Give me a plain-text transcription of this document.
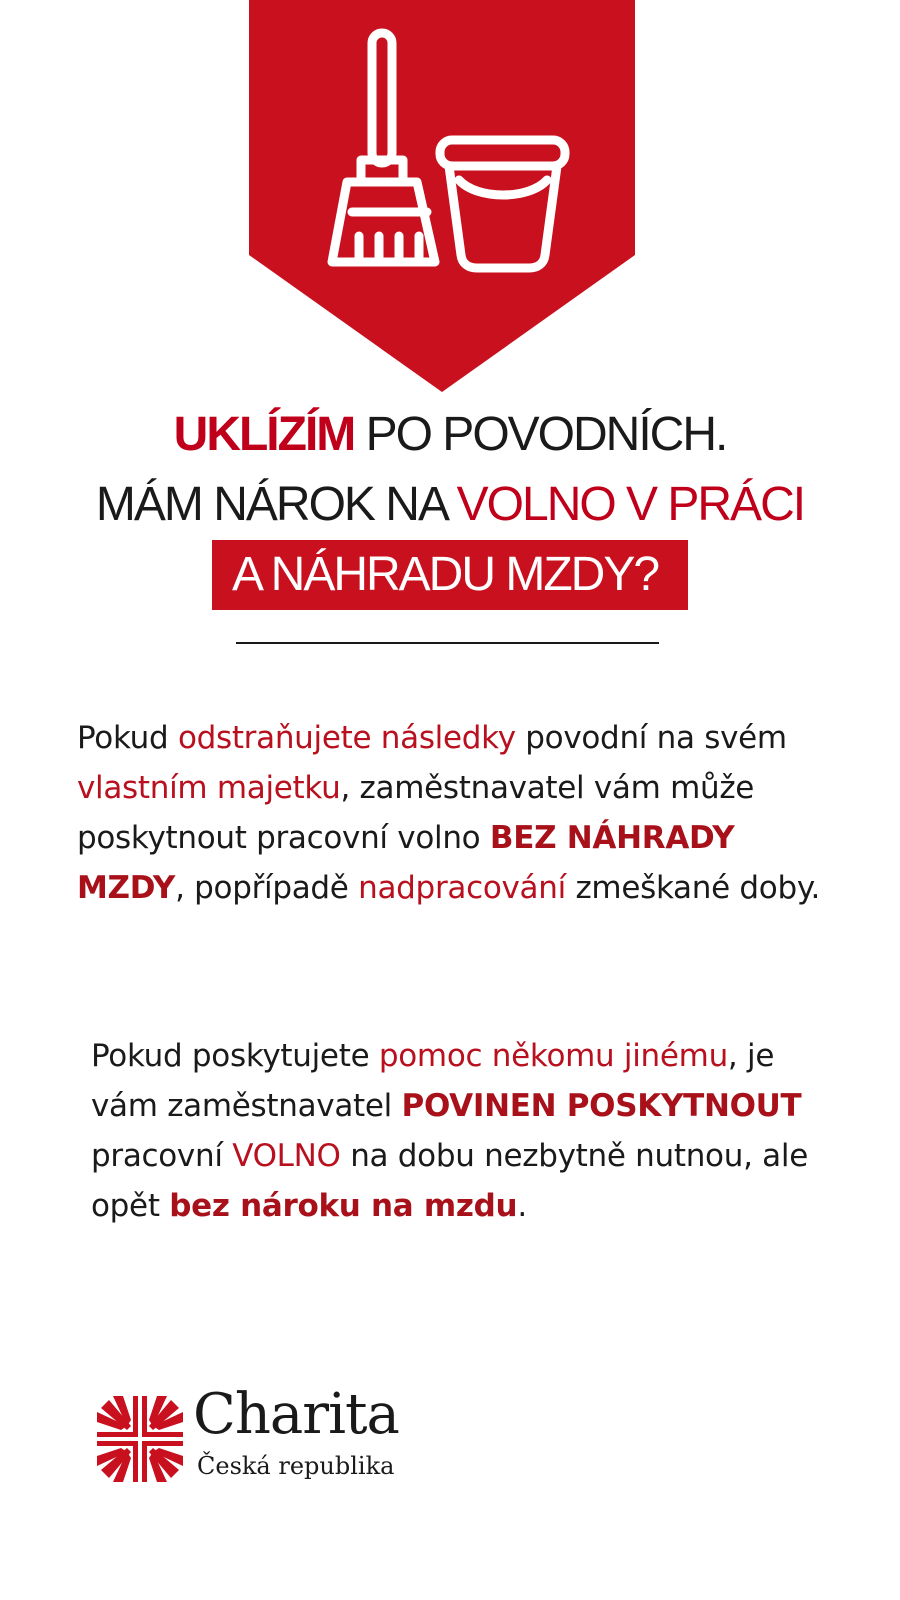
UKLÍZÍM PO POVODNÍCH.
MÁM NÁROK NA VOLNO V PRÁCI
A NÁHRADU MZDY?
Pokud odstraňujete následky povodní na svém vlastním majetku, zaměstnavatel vám může poskytnout pracovní volno BEZ NÁHRADY MZDY, popřípadě nadpracování zmeškané doby.
Pokud poskytujete pomoc někomu jinému, je vám zaměstnavatel POVINEN POSKYTNOUT pracovní VOLNO na dobu nezbytně nutnou, ale opět bez nároku na mzdu.
Charita
Česká republika
